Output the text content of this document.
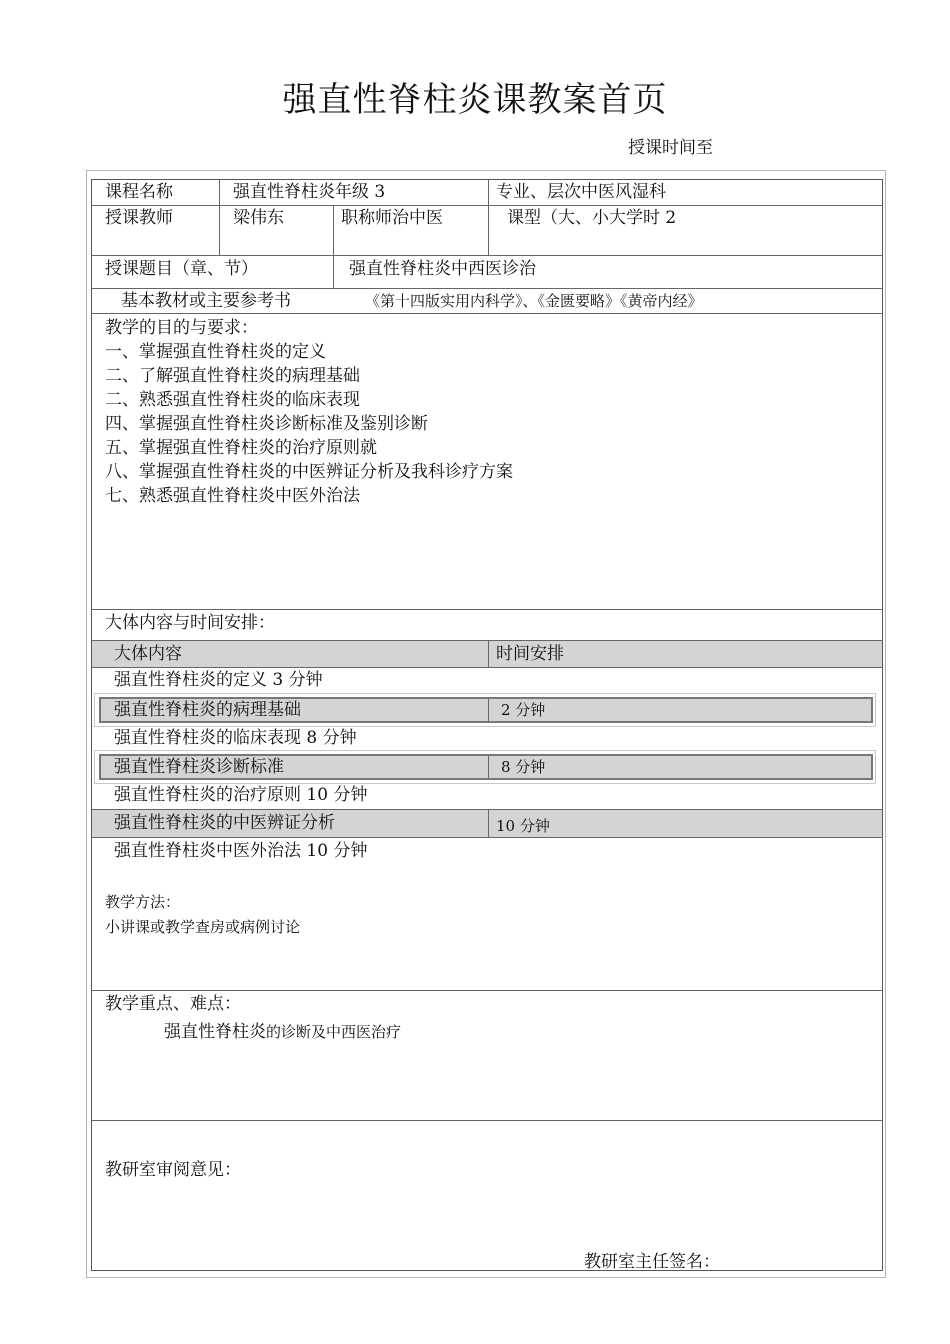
强直性脊柱炎课教案首页
授课时间至
课程名称	强直性脊柱炎年级 3	专业、层次中医风湿科
授课教师	梁伟东	职称师治中医	课型（大、小大学时 2
授课题目（章、节）	强直性脊柱炎中西医诊治
基本教材或主要参考书	《第十四版实用内科学》、《金匮要略》《黄帝内经》
教学的目的与要求：
一、掌握强直性脊柱炎的定义
二、了解强直性脊柱炎的病理基础
二、熟悉强直性脊柱炎的临床表现
四、掌握强直性脊柱炎诊断标准及鉴别诊断
五、掌握强直性脊柱炎的治疗原则就
八、掌握强直性脊柱炎的中医辨证分析及我科诊疗方案
七、熟悉强直性脊柱炎中医外治法
大体内容与时间安排：
大体内容	时间安排
强直性脊柱炎的定义 3 分钟
强直性脊柱炎的病理基础	2 分钟
强直性脊柱炎的临床表现 8 分钟
强直性脊柱炎诊断标准	8 分钟
强直性脊柱炎的治疗原则 10 分钟
强直性脊柱炎的中医辨证分析	10 分钟
强直性脊柱炎中医外治法 10 分钟
教学方法：
小讲课或教学查房或病例讨论
教学重点、难点：
强直性脊柱炎的诊断及中西医治疗
教研室审阅意见：
教研室主任签名：
